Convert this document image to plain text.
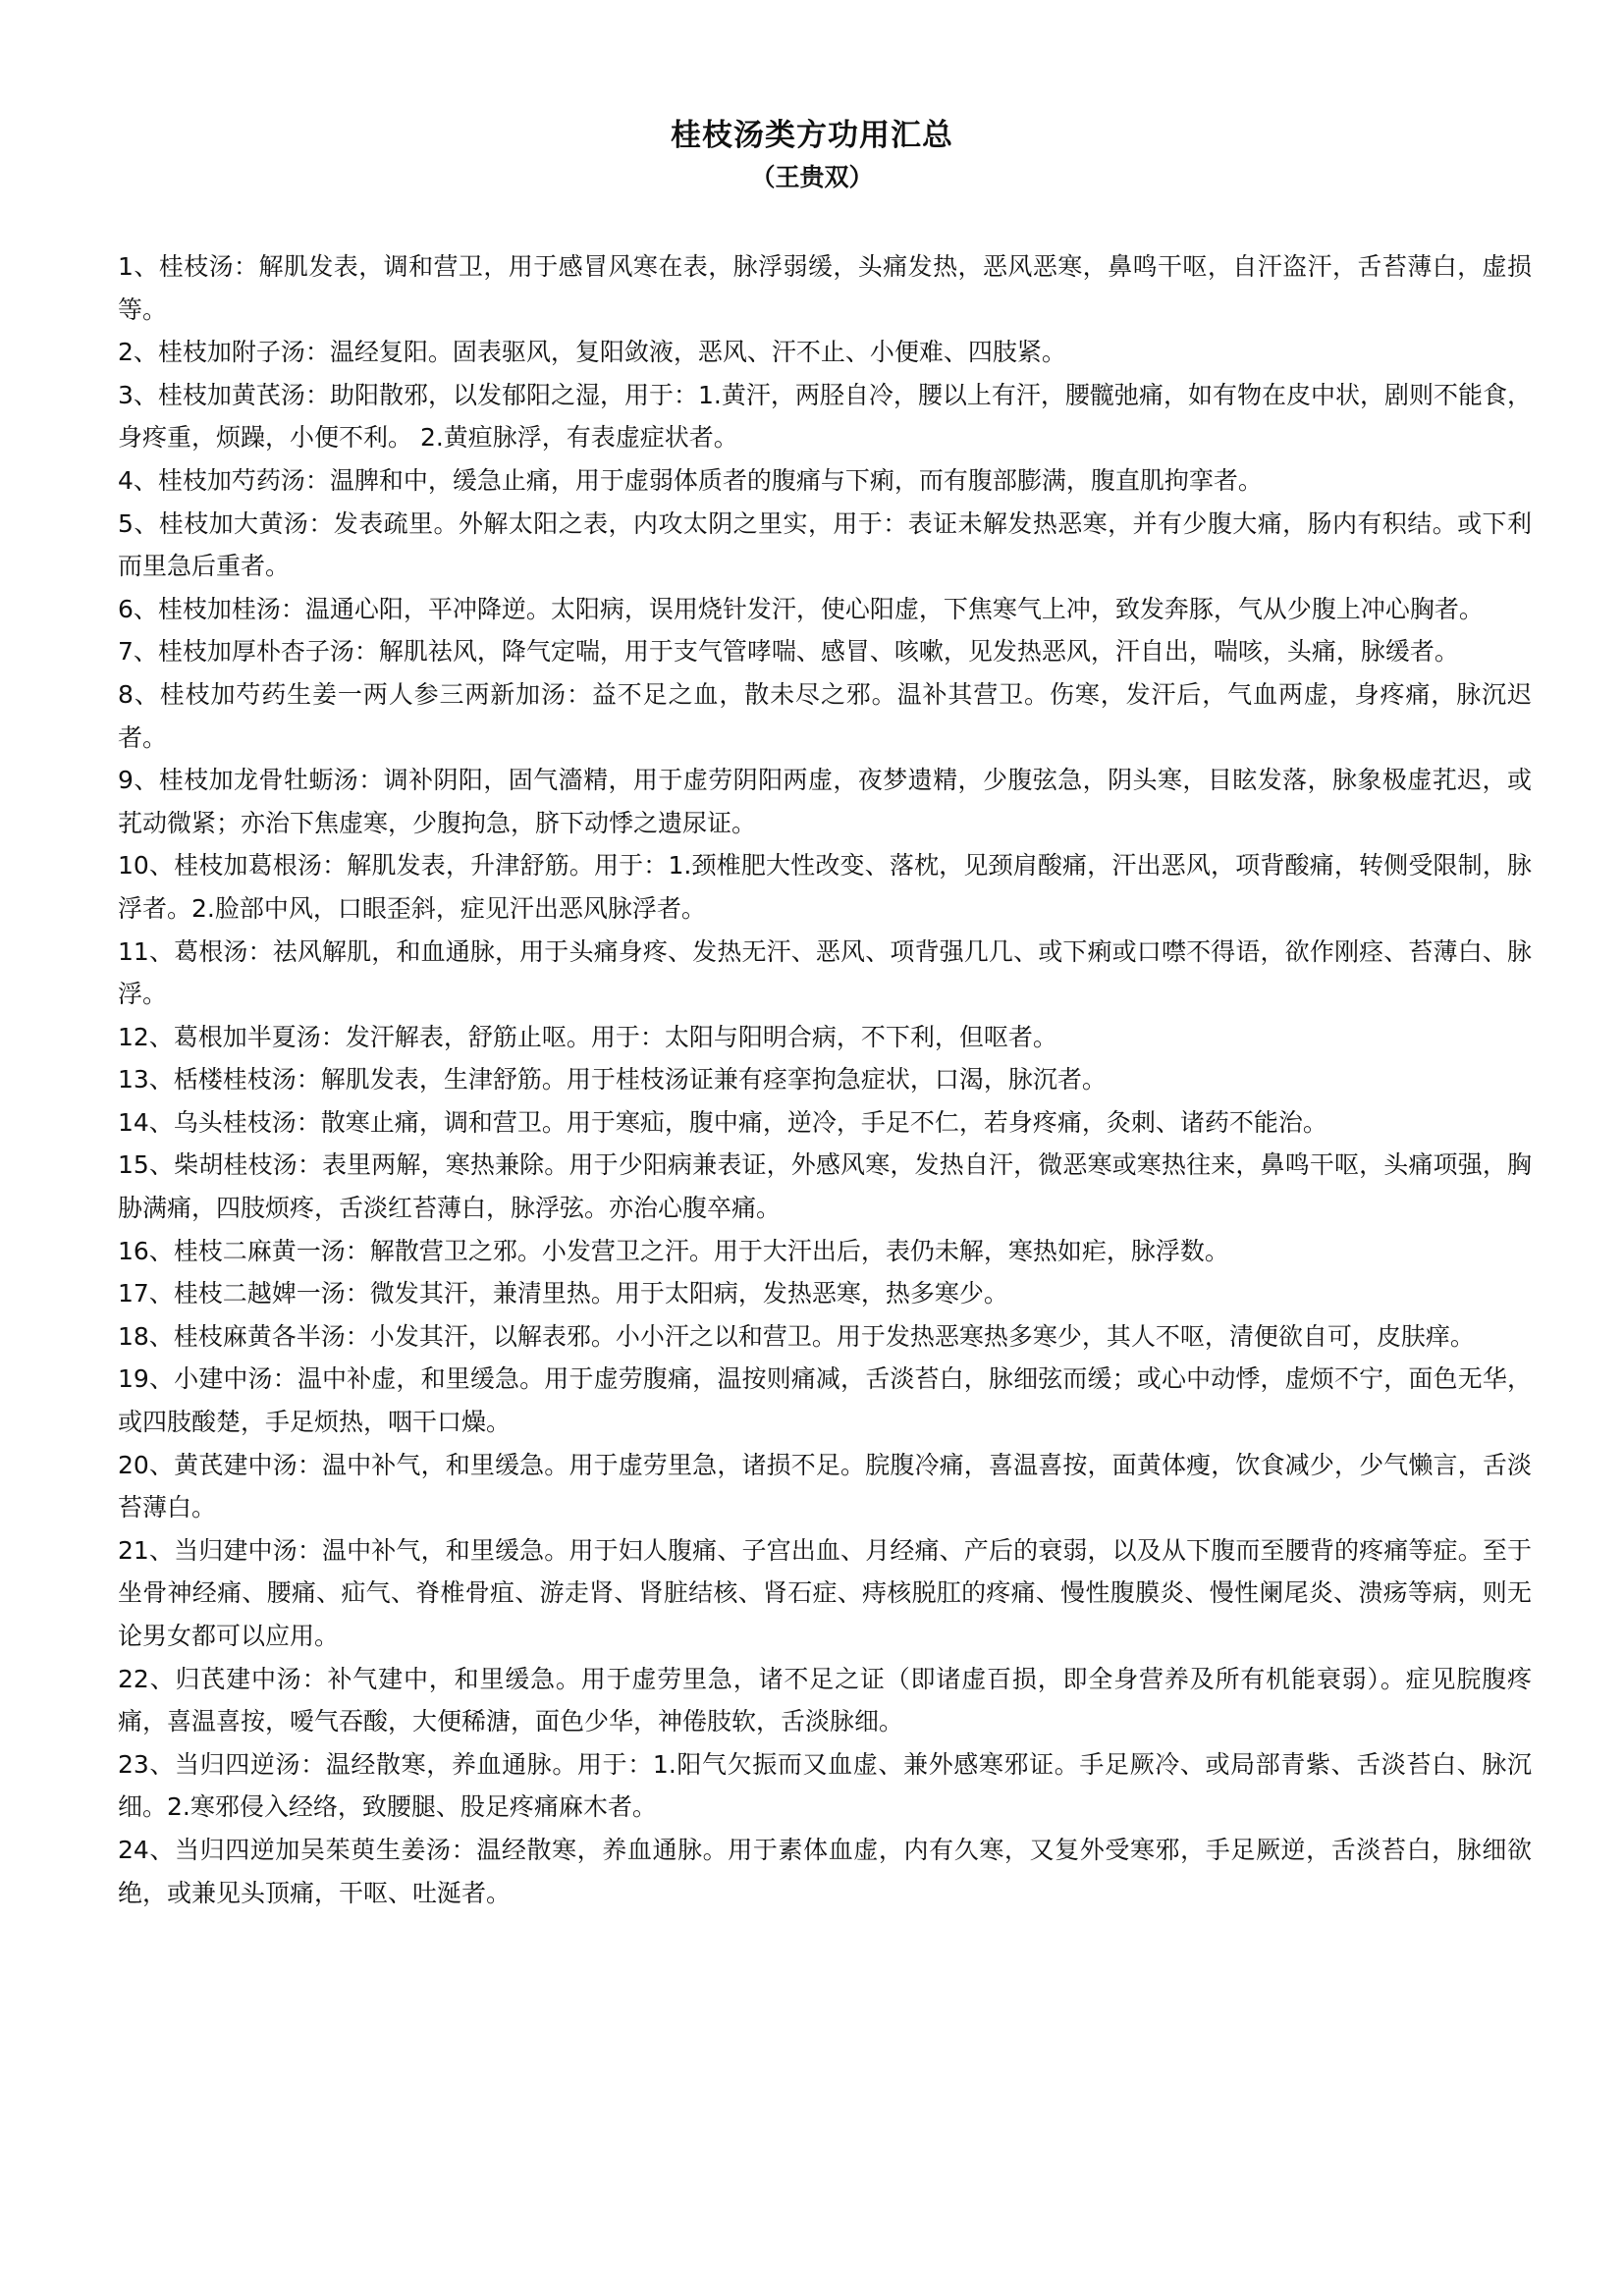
桂枝汤类方功用汇总
（王贵双）

1、桂枝汤：解肌发表，调和营卫，用于感冒风寒在表，脉浮弱缓，头痛发热，恶风恶寒，鼻鸣干呕，自汗盗汗，舌苔薄白，虚损等。

2、桂枝加附子汤：温经复阳。固表驱风，复阳敛液，恶风、汗不止、小便难、四肢紧。

3、桂枝加黄芪汤：助阳散邪，以发郁阳之湿，用于：1.黄汗，两胫自冷，腰以上有汗，腰髋弛痛，如有物在皮中状，剧则不能食，身疼重，烦躁，小便不利。 2.黄疸脉浮，有表虚症状者。

4、桂枝加芍药汤：温脾和中，缓急止痛，用于虚弱体质者的腹痛与下痢，而有腹部膨满，腹直肌拘挛者。

5、桂枝加大黄汤：发表疏里。外解太阳之表，内攻太阴之里实，用于：表证未解发热恶寒，并有少腹大痛，肠内有积结。或下利而里急后重者。

6、桂枝加桂汤：温通心阳，平冲降逆。太阳病，误用烧针发汗，使心阳虚，下焦寒气上冲，致发奔豚，气从少腹上冲心胸者。

7、桂枝加厚朴杏子汤：解肌祛风，降气定喘，用于支气管哮喘、感冒、咳嗽，见发热恶风，汗自出，喘咳，头痛，脉缓者。

8、桂枝加芍药生姜一两人参三两新加汤：益不足之血，散未尽之邪。温补其营卫。伤寒，发汗后，气血两虚，身疼痛，脉沉迟者。

9、桂枝加龙骨牡蛎汤：调补阴阳，固气濇精，用于虚劳阴阳两虚，夜梦遗精，少腹弦急，阴头寒，目眩发落，脉象极虚芤迟，或芤动微紧；亦治下焦虚寒，少腹拘急，脐下动悸之遗尿证。

10、桂枝加葛根汤：解肌发表，升津舒筋。用于：1.颈椎肥大性改变、落枕，见颈肩酸痛，汗出恶风，项背酸痛，转侧受限制，脉浮者。2.脸部中风，口眼歪斜，症见汗出恶风脉浮者。

11、葛根汤：祛风解肌，和血通脉，用于头痛身疼、发热无汗、恶风、项背强几几、或下痢或口噤不得语，欲作刚痉、苔薄白、脉浮。

12、葛根加半夏汤：发汗解表，舒筋止呕。用于：太阳与阳明合病，不下利，但呕者。

13、栝楼桂枝汤：解肌发表，生津舒筋。用于桂枝汤证兼有痉挛拘急症状，口渴，脉沉者。

14、乌头桂枝汤：散寒止痛，调和营卫。用于寒疝，腹中痛，逆冷，手足不仁，若身疼痛，灸刺、诸药不能治。

15、柴胡桂枝汤：表里两解，寒热兼除。用于少阳病兼表证，外感风寒，发热自汗，微恶寒或寒热往来，鼻鸣干呕，头痛项强，胸胁满痛，四肢烦疼，舌淡红苔薄白，脉浮弦。亦治心腹卒痛。

16、桂枝二麻黄一汤：解散营卫之邪。小发营卫之汗。用于大汗出后，表仍未解，寒热如疟，脉浮数。

17、桂枝二越婢一汤：微发其汗，兼清里热。用于太阳病，发热恶寒，热多寒少。

18、桂枝麻黄各半汤：小发其汗，以解表邪。小小汗之以和营卫。用于发热恶寒热多寒少，其人不呕，清便欲自可，皮肤痒。

19、小建中汤：温中补虚，和里缓急。用于虚劳腹痛，温按则痛减，舌淡苔白，脉细弦而缓；或心中动悸，虚烦不宁，面色无华，或四肢酸楚，手足烦热，咽干口燥。

20、黄芪建中汤：温中补气，和里缓急。用于虚劳里急，诸损不足。脘腹冷痛，喜温喜按，面黄体瘦，饮食减少，少气懒言，舌淡苔薄白。

21、当归建中汤：温中补气，和里缓急。用于妇人腹痛、子宫出血、月经痛、产后的衰弱，以及从下腹而至腰背的疼痛等症。至于坐骨神经痛、腰痛、疝气、脊椎骨疽、游走肾、肾脏结核、肾石症、痔核脱肛的疼痛、慢性腹膜炎、慢性阑尾炎、溃疡等病，则无论男女都可以应用。

22、归芪建中汤：补气建中，和里缓急。用于虚劳里急，诸不足之证（即诸虚百损，即全身营养及所有机能衰弱）。症见脘腹疼痛，喜温喜按，嗳气吞酸，大便稀溏，面色少华，神倦肢软，舌淡脉细。

23、当归四逆汤：温经散寒，养血通脉。用于：1.阳气欠振而又血虚、兼外感寒邪证。手足厥冷、或局部青紫、舌淡苔白、脉沉细。2.寒邪侵入经络，致腰腿、股足疼痛麻木者。

24、当归四逆加吴茱萸生姜汤：温经散寒，养血通脉。用于素体血虚，内有久寒，又复外受寒邪，手足厥逆，舌淡苔白，脉细欲绝，或兼见头顶痛，干呕、吐涎者。
